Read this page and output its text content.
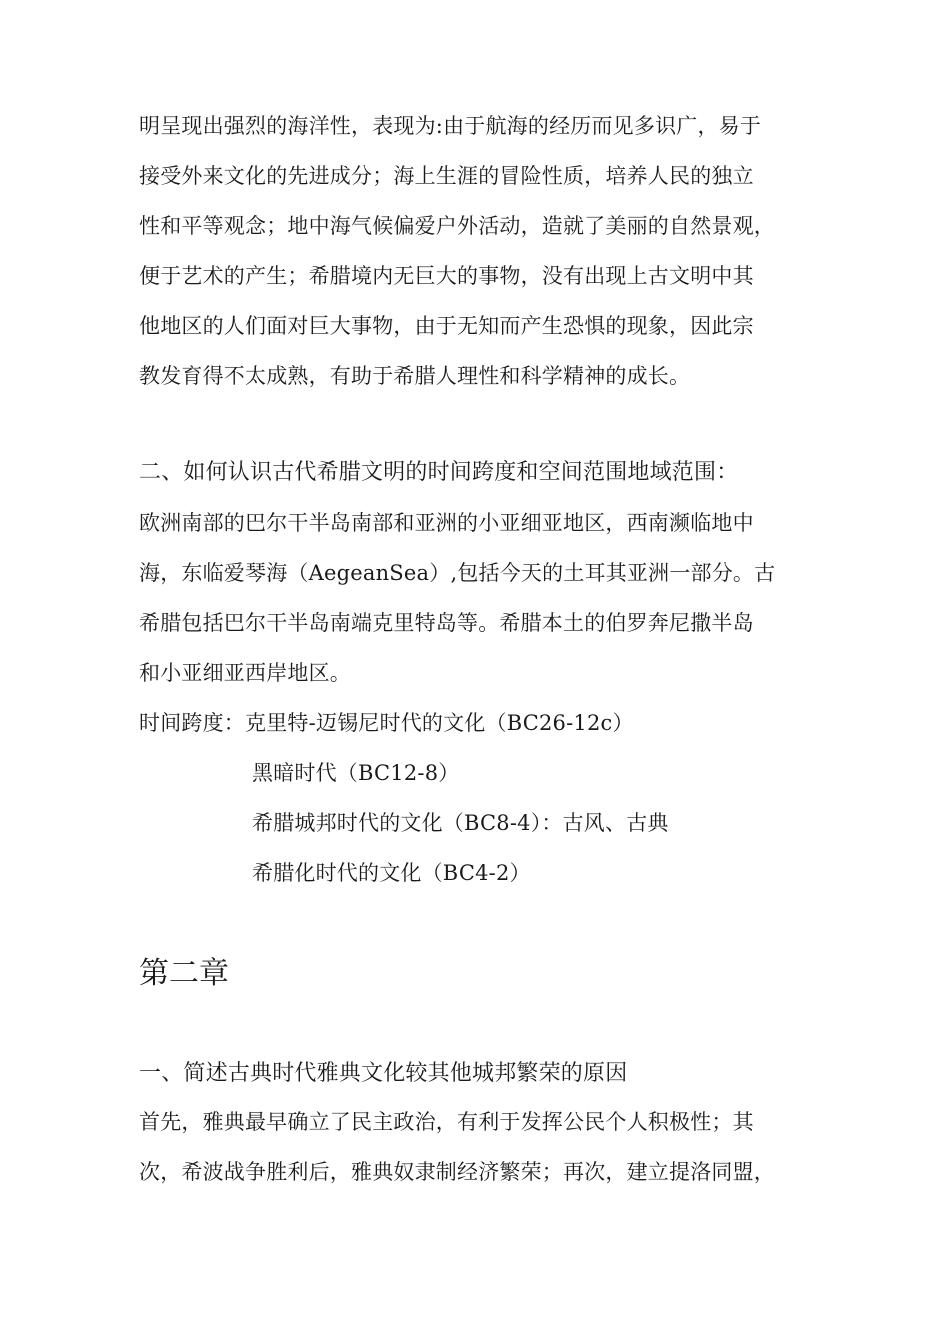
明呈现出强烈的海洋性，表现为:由于航海的经历而见多识广，易于
接受外来文化的先进成分；海上生涯的冒险性质，培养人民的独立
性和平等观念；地中海气候偏爱户外活动，造就了美丽的自然景观，
便于艺术的产生；希腊境内无巨大的事物，没有出现上古文明中其
他地区的人们面对巨大事物，由于无知而产生恐惧的现象，因此宗
教发育得不太成熟，有助于希腊人理性和科学精神的成长。
二、如何认识古代希腊文明的时间跨度和空间范围地域范围：
欧洲南部的巴尔干半岛南部和亚洲的小亚细亚地区，西南濒临地中
海，东临爱琴海（AegeanSea）,包括今天的土耳其亚洲一部分。古
希腊包括巴尔干半岛南端克里特岛等。希腊本土的伯罗奔尼撒半岛
和小亚细亚西岸地区。
时间跨度：克里特-迈锡尼时代的文化（BC26-12c）
黑暗时代（BC12-8）
希腊城邦时代的文化（BC8-4）：古风、古典
希腊化时代的文化（BC4-2）
第二章
一、简述古典时代雅典文化较其他城邦繁荣的原因
首先，雅典最早确立了民主政治，有利于发挥公民个人积极性；其
次，希波战争胜利后，雅典奴隶制经济繁荣；再次，建立提洛同盟，
